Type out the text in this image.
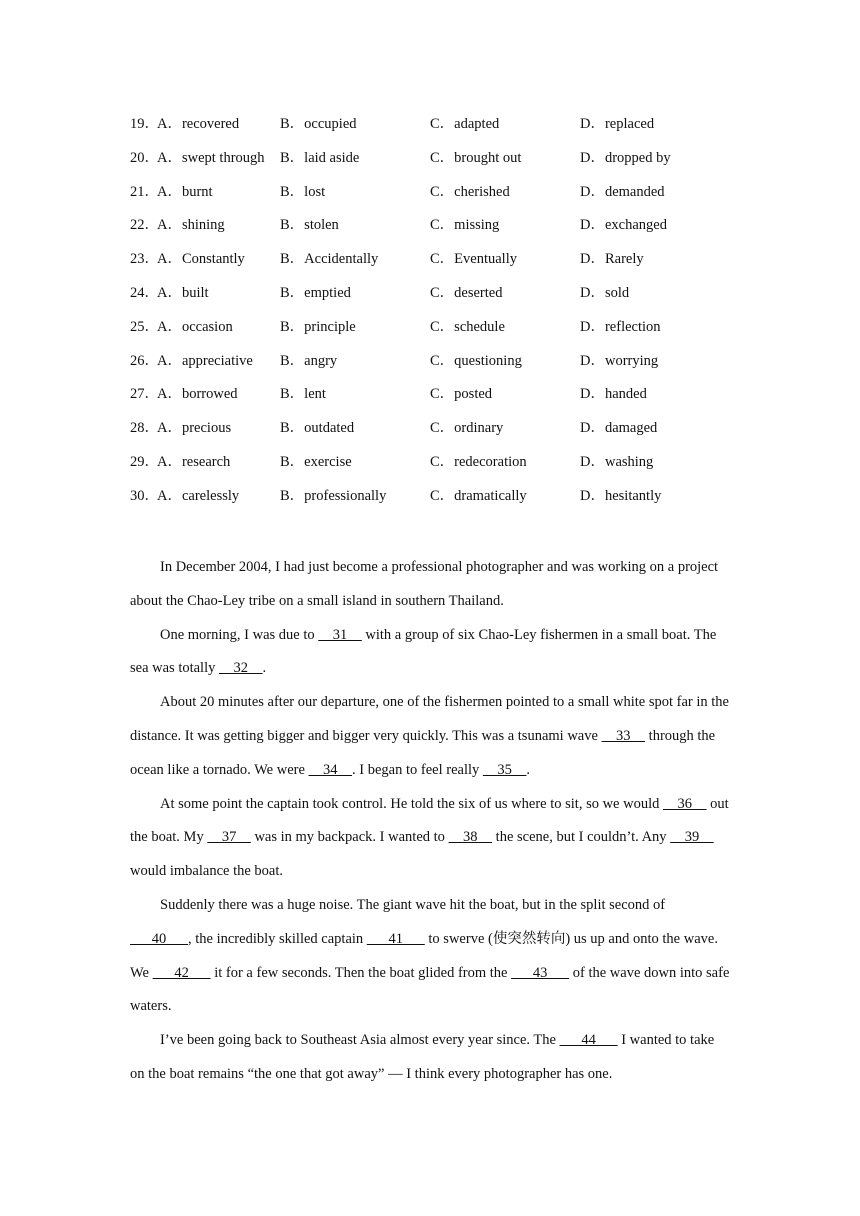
19．
A．recovered	B．occupied	C．adapted	D．replaced
20．
A．swept through B．laid aside	C．brought out	D．dropped by
21．
A．burnt	B．lost	C．cherished	D．demanded
22．
A．shining	B．stolen	C．missing	D．exchanged
23．
A．Constantly B．Accidentally	C．Eventually	D．Rarely
24．
A．built	B．emptied	C．deserted	D．sold
25．
A．occasion	B．principle	C．schedule	D．reflection
26．
A．appreciative B．angry	C．questioning	D．worrying
27．
A．borrowed	B．lent	C．posted	D．handed
28．
A．precious	B．outdated	C．ordinary	D．damaged
29．
A．research	B．exercise	C．redecoration	D．washing
30．
A．carelessly	B．professionally	C．dramatically	D．hesitantly

In December 2004, I had just become a professional photographer and was working on a project about the Chao-Ley tribe on a small island in southern Thailand.

One morning, I was due to     31     with a group of six Chao-Ley fishermen in a small boat. The sea was totally     32    .

About 20 minutes after our departure, one of the fishermen pointed to a small white spot far in the distance. It was getting bigger and bigger very quickly. This was a tsunami wave     33     through the ocean like a tornado. We were     34    . I began to feel really     35    .

At some point the captain took control. He told the six of us where to sit, so we would     36     out the boat. My     37     was in my backpack. I wanted to     38     the scene, but I couldn’t. Any     39     would imbalance the boat.

Suddenly there was a huge noise. The giant wave hit the boat, but in the split second of       40      , the incredibly skilled captain       41       to swerve (使突然转向) us up and onto the wave. We       42       it for a few seconds. Then the boat glided from the       43       of the wave down into safe waters.

I’ve been going back to Southeast Asia almost every year since. The       44       I wanted to take on the boat remains “the one that got away” — I think every photographer has one.
